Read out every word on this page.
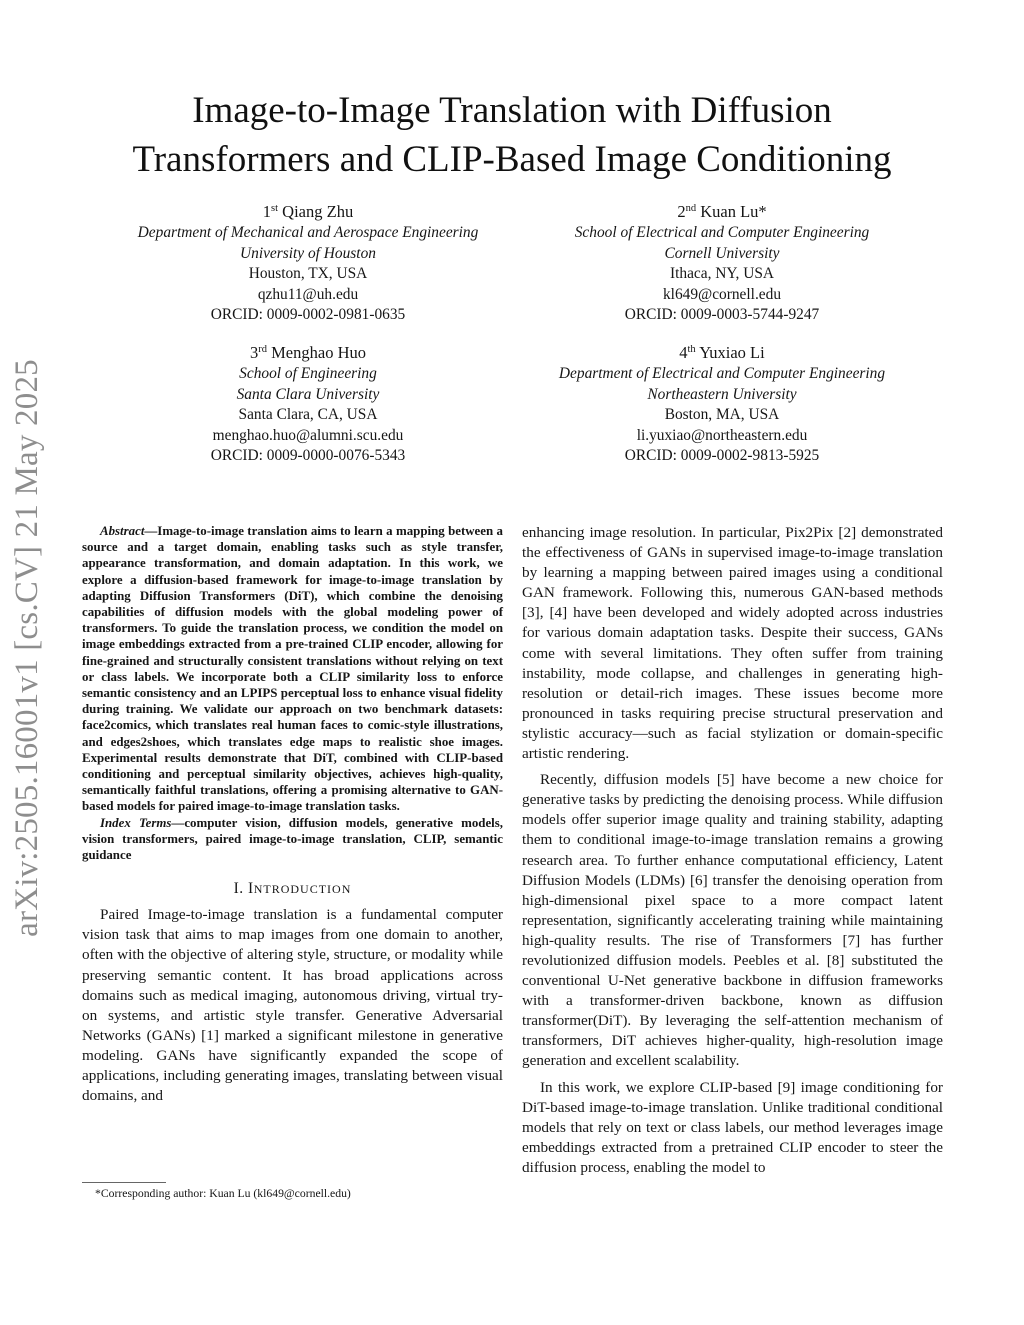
Image-to-Image Translation with Diffusion
Transformers and CLIP-Based Image Conditioning
1st Qiang Zhu
Department of Mechanical and Aerospace Engineering
University of Houston
Houston, TX, USA
qzhu11@uh.edu
ORCID: 0009-0002-0981-0635
2nd Kuan Lu*
School of Electrical and Computer Engineering
Cornell University
Ithaca, NY, USA
kl649@cornell.edu
ORCID: 0009-0003-5744-9247
3rd Menghao Huo
School of Engineering
Santa Clara University
Santa Clara, CA, USA
menghao.huo@alumni.scu.edu
ORCID: 0009-0000-0076-5343
4th Yuxiao Li
Department of Electrical and Computer Engineering
Northeastern University
Boston, MA, USA
li.yuxiao@northeastern.edu
ORCID: 0009-0002-9813-5925
arXiv:2505.16001v1 [cs.CV] 21 May 2025	Abstract—Image-to-image translation aims to learn a mapping between a source and a target domain, enabling tasks such as style transfer, appearance transformation, and domain adaptation. In this work, we explore a diffusion-based framework for image-to-image translation by adapting Diffusion Transformers (DiT), which combine the denoising capabilities of diffusion models with the global modeling power of transformers. To guide the translation process, we condition the model on image embeddings extracted from a pre-trained CLIP encoder, allowing for fine-grained and structurally consistent translations without relying on text or class labels. We incorporate both a CLIP similarity loss to enforce semantic consistency and an LPIPS perceptual loss to enhance visual fidelity during training. We validate our approach on two benchmark datasets: face2comics, which translates real human faces to comic-style illustrations, and edges2shoes, which translates edge maps to realistic shoe images. Experimental results demonstrate that DiT, combined with CLIP-based conditioning and perceptual similarity objectives, achieves high-quality, semantically faithful translations, offering a promising alternative to GAN-based models for paired image-to-image translation tasks.

Index Terms—computer vision, diffusion models, generative models, vision transformers, paired image-to-image translation, CLIP, semantic guidance

I. INTRODUCTION

Paired Image-to-image translation is a fundamental computer vision task that aims to map images from one domain to another, often with the objective of altering style, structure, or modality while preserving semantic content. It has broad applications across domains such as medical imaging, autonomous driving, virtual try-on systems, and artistic style transfer. Generative Adversarial Networks (GANs) [1] marked a significant milestone in generative modeling. GANs have significantly expanded the scope of applications, including generating images, translating between visual domains, and

enhancing image resolution. In particular, Pix2Pix [2] demonstrated the effectiveness of GANs in supervised image-to-image translation by learning a mapping between paired images using a conditional GAN framework. Following this, numerous GAN-based methods [3], [4] have been developed and widely adopted across industries for various domain adaptation tasks. Despite their success, GANs come with several limitations. They often suffer from training instability, mode collapse, and challenges in generating high-resolution or detail-rich images. These issues become more pronounced in tasks requiring precise structural preservation and stylistic accuracy—such as facial stylization or domain-specific artistic rendering.

Recently, diffusion models [5] have become a new choice for generative tasks by predicting the denoising process. While diffusion models offer superior image quality and training stability, adapting them to conditional image-to-image translation remains a growing research area. To further enhance computational efficiency, Latent Diffusion Models (LDMs) [6] transfer the denoising operation from high-dimensional pixel space to a more compact latent representation, significantly accelerating training while maintaining high-quality results. The rise of Transformers [7] has further revolutionized diffusion models. Peebles et al. [8] substituted the conventional U-Net generative backbone in diffusion frameworks with a transformer-driven backbone, known as diffusion transformer(DiT). By leveraging the self-attention mechanism of transformers, DiT achieves higher-quality, high-resolution image generation and excellent scalability.

In this work, we explore CLIP-based [9] image conditioning for DiT-based image-to-image translation. Unlike traditional conditional models that rely on text or class labels, our method leverages image embeddings extracted from a pretrained CLIP encoder to steer the diffusion process, enabling the model to

*Corresponding author: Kuan Lu (kl649@cornell.edu)
